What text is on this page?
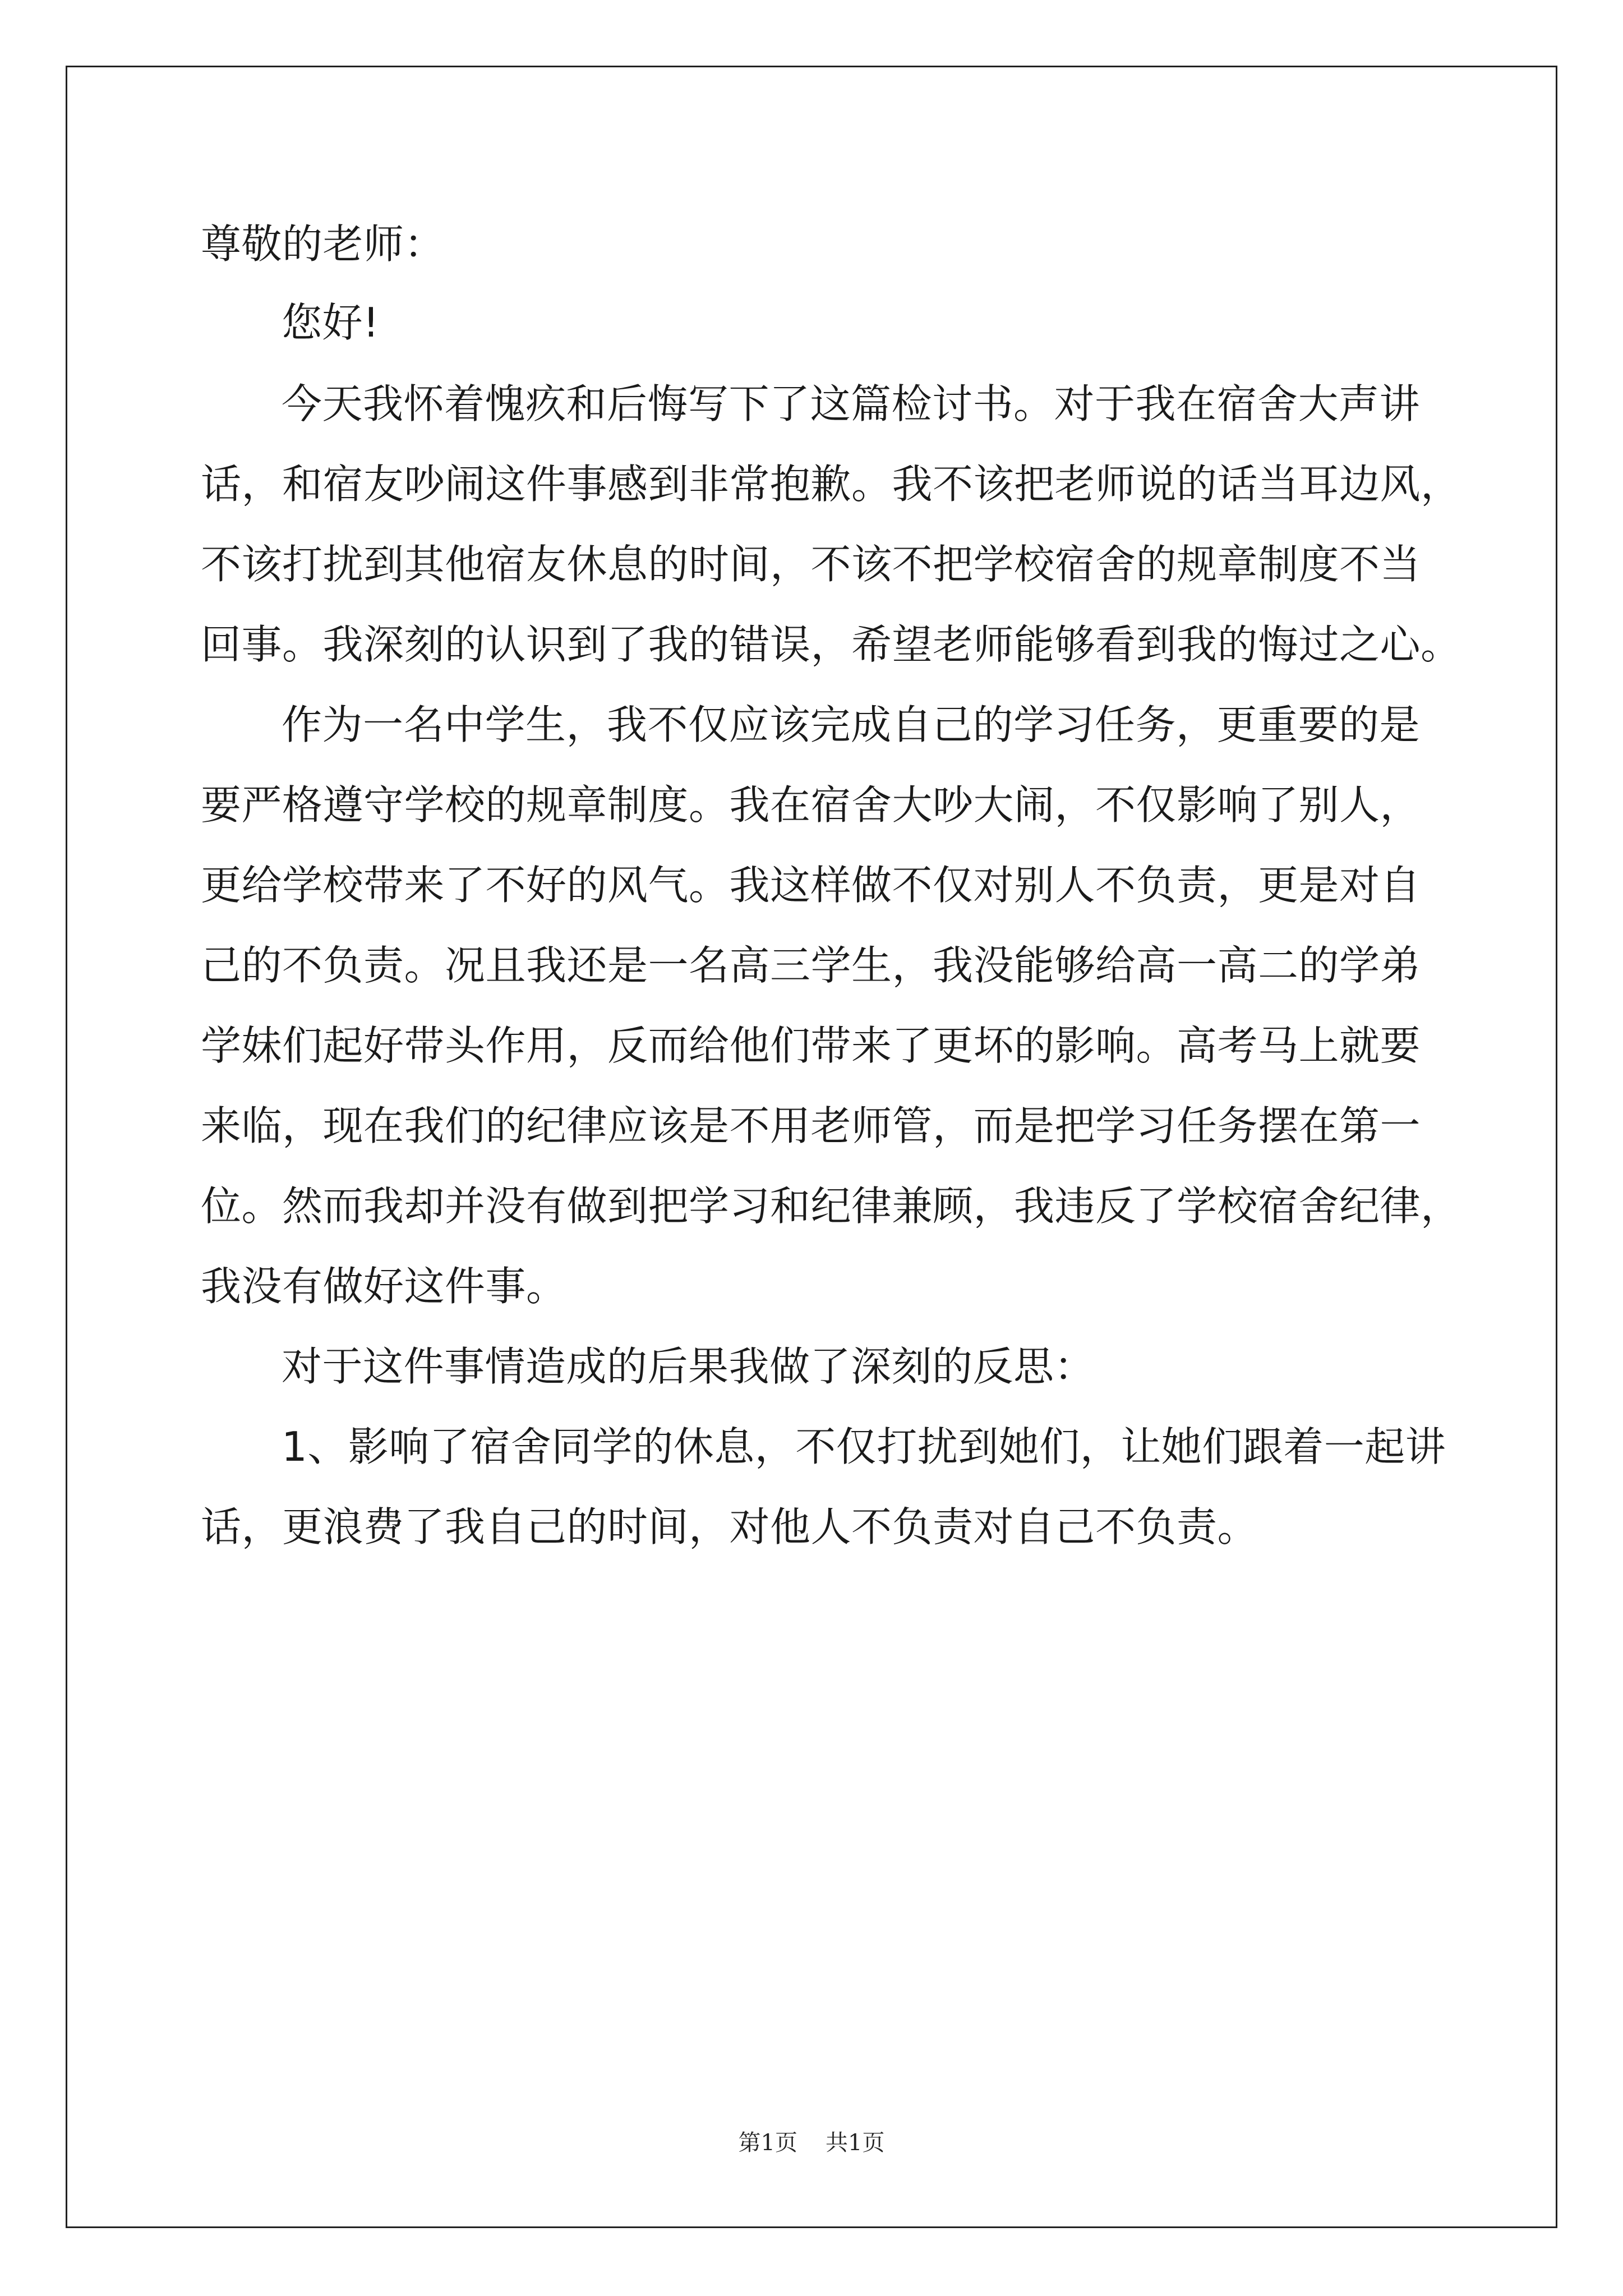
尊敬的老师：
您好!
今天我怀着愧疚和后悔写下了这篇检讨书。对于我在宿舍大声讲
话，和宿友吵闹这件事感到非常抱歉。我不该把老师说的话当耳边风，
不该打扰到其他宿友休息的时间，不该不把学校宿舍的规章制度不当
回事。我深刻的认识到了我的错误，希望老师能够看到我的悔过之心。
作为一名中学生，我不仅应该完成自己的学习任务，更重要的是
要严格遵守学校的规章制度。我在宿舍大吵大闹，不仅影响了别人，
更给学校带来了不好的风气。我这样做不仅对别人不负责，更是对自
己的不负责。况且我还是一名高三学生，我没能够给高一高二的学弟
学妹们起好带头作用，反而给他们带来了更坏的影响。高考马上就要
来临，现在我们的纪律应该是不用老师管，而是把学习任务摆在第一
位。然而我却并没有做到把学习和纪律兼顾，我违反了学校宿舍纪律，
我没有做好这件事。
对于这件事情造成的后果我做了深刻的反思：
1、影响了宿舍同学的休息，不仅打扰到她们，让她们跟着一起讲
话，更浪费了我自己的时间，对他人不负责对自己不负责。
第1页 共1页
